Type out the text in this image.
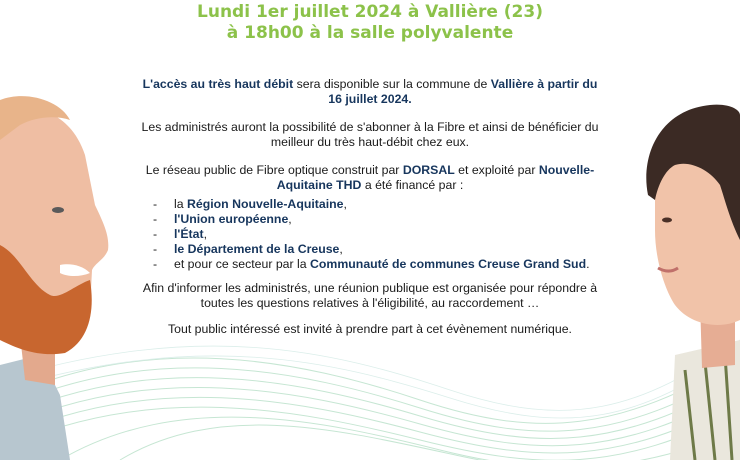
Lundi 1er juillet 2024 à Vallière (23)
à 18h00 à la salle polyvalente
L'accès au très haut débit sera disponible sur la commune de Vallière à partir du 16 juillet 2024.
Les administrés auront la possibilité de s'abonner à la Fibre et ainsi de bénéficier du meilleur du très haut-débit chez eux.
Le réseau public de Fibre optique construit par DORSAL et exploité par Nouvelle-Aquitaine THD a été financé par :
-	la Région Nouvelle-Aquitaine,
-	l'Union européenne,
-	l'État,
-	le Département de la Creuse,
-	et pour ce secteur par la Communauté de communes Creuse Grand Sud.
Afin d'informer les administrés, une réunion publique est organisée pour répondre à toutes les questions relatives à l'éligibilité, au raccordement …
Tout public intéressé est invité à prendre part à cet évènement numérique.
